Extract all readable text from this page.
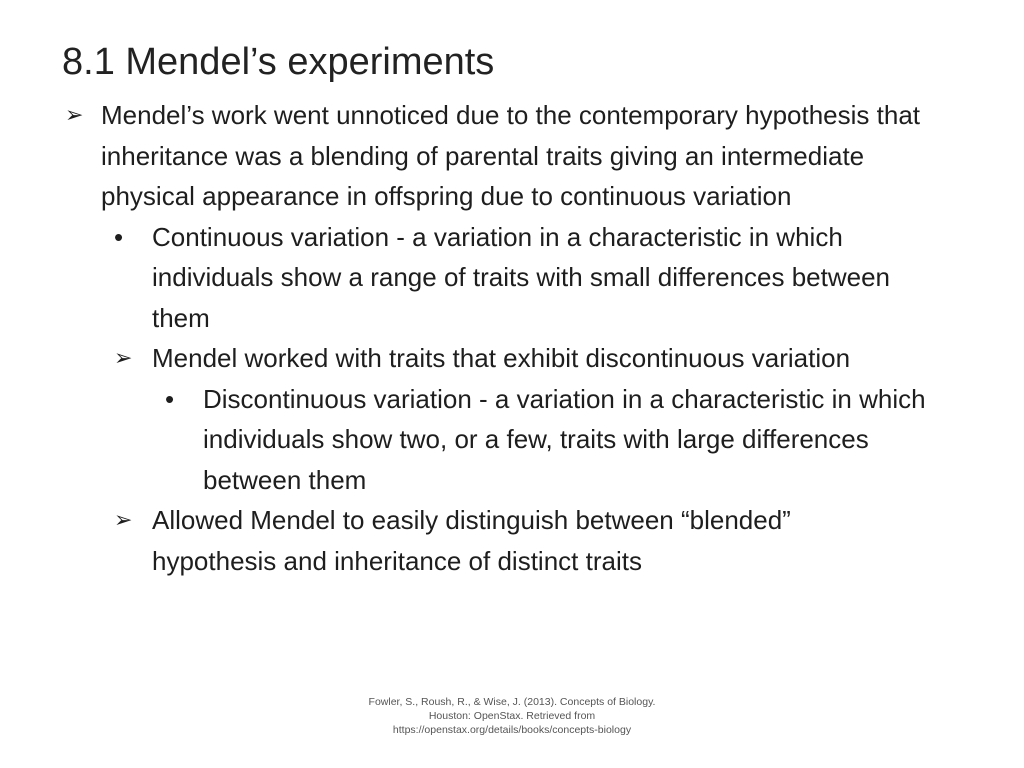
8.1 Mendel’s experiments
➢ Mendel’s work went unnoticed due to the contemporary hypothesis that inheritance was a blending of parental traits giving an intermediate physical appearance in offspring due to continuous variation
• Continuous variation - a variation in a characteristic in which individuals show a range of traits with small differences between them
➢ Mendel worked with traits that exhibit discontinuous variation
• Discontinuous variation - a variation in a characteristic in which individuals show two, or a few, traits with large differences between them
➢ Allowed Mendel to easily distinguish between “blended” hypothesis and inheritance of distinct traits
Fowler, S., Roush, R., & Wise, J. (2013). Concepts of Biology.
Houston: OpenStax. Retrieved from
https://openstax.org/details/books/concepts-biology
